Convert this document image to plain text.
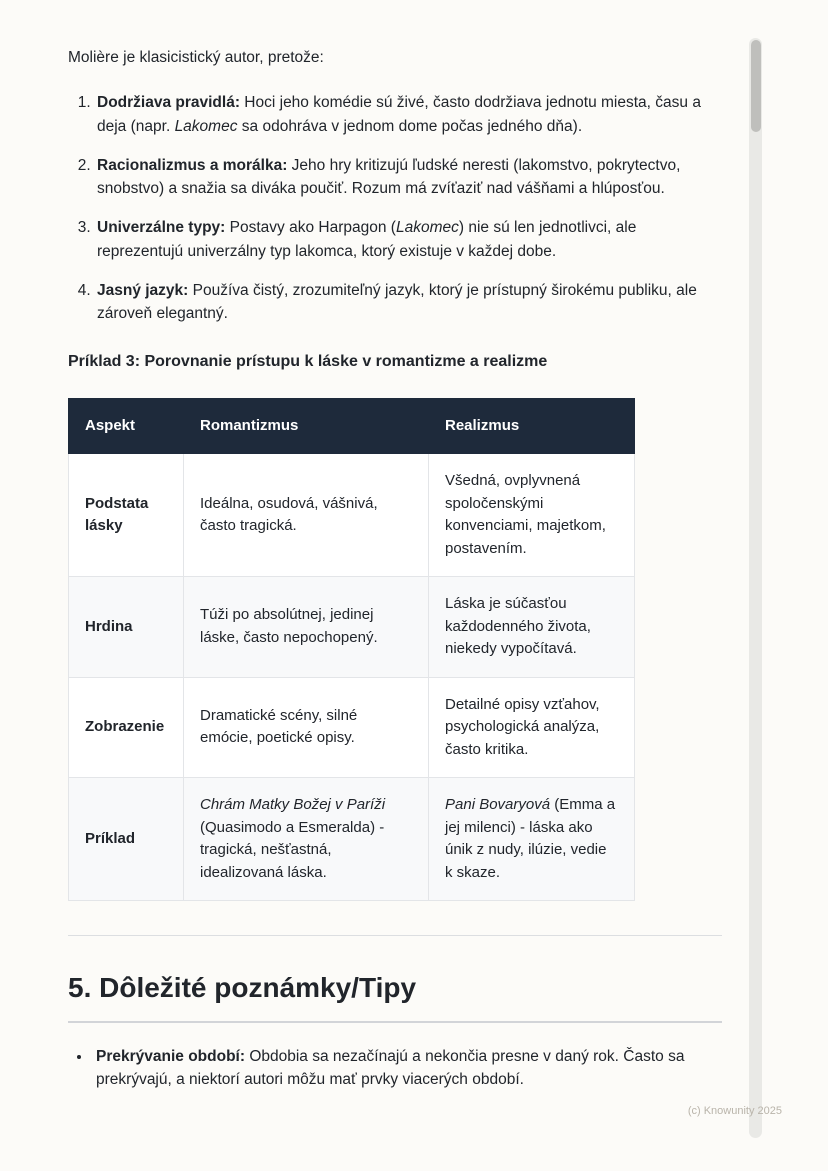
Molière je klasicistický autor, pretože:

1. Dodržiava pravidlá: Hoci jeho komédie sú živé, často dodržiava jednotu miesta, času a deja (napr. Lakomec sa odohráva v jednom dome počas jedného dňa).
2. Racionalizmus a morálka: Jeho hry kritizujú ľudské neresti (lakomstvo, pokrytectvo, snobstvo) a snažia sa diváka poučiť. Rozum má zvíťaziť nad vášňami a hlúposťou.
3. Univerzálne typy: Postavy ako Harpagon (Lakomec) nie sú len jednotlivci, ale reprezentujú univerzálny typ lakomca, ktorý existuje v každej dobe.
4. Jasný jazyk: Používa čistý, zrozumiteľný jazyk, ktorý je prístupný širokému publiku, ale zároveň elegantný.
Príklad 3: Porovnanie prístupu k láske v romantizme a realizme
Aspekt	Romantizmus	Realizmus
Podstata lásky	Ideálna, osudová, vášnivá, často tragická.	Všedná, ovplyvnená spoločenskými konvenciami, majetkom, postavením.
Hrdina	Túži po absolútnej, jedinej láske, často nepochopený.	Láska je súčasťou každodenného života, niekedy vypočítavá.
Zobrazenie	Dramatické scény, silné emócie, poetické opisy.	Detailné opisy vzťahov, psychologická analýza, často kritika.
Príklad	Chrám Matky Božej v Paríži (Quasimodo a Esmeralda) - tragická, nešťastná, idealizovaná láska.	Pani Bovaryová (Emma a jej milenci) - láska ako únik z nudy, ilúzie, vedie k skaze.
5. Dôležité poznámky/Tipy
• Prekrývanie období: Obdobia sa nezačínajú a nekončia presne v daný rok. Často sa prekrývajú, a niektorí autori môžu mať prvky viacerých období.
(c) Knowunity 2025
